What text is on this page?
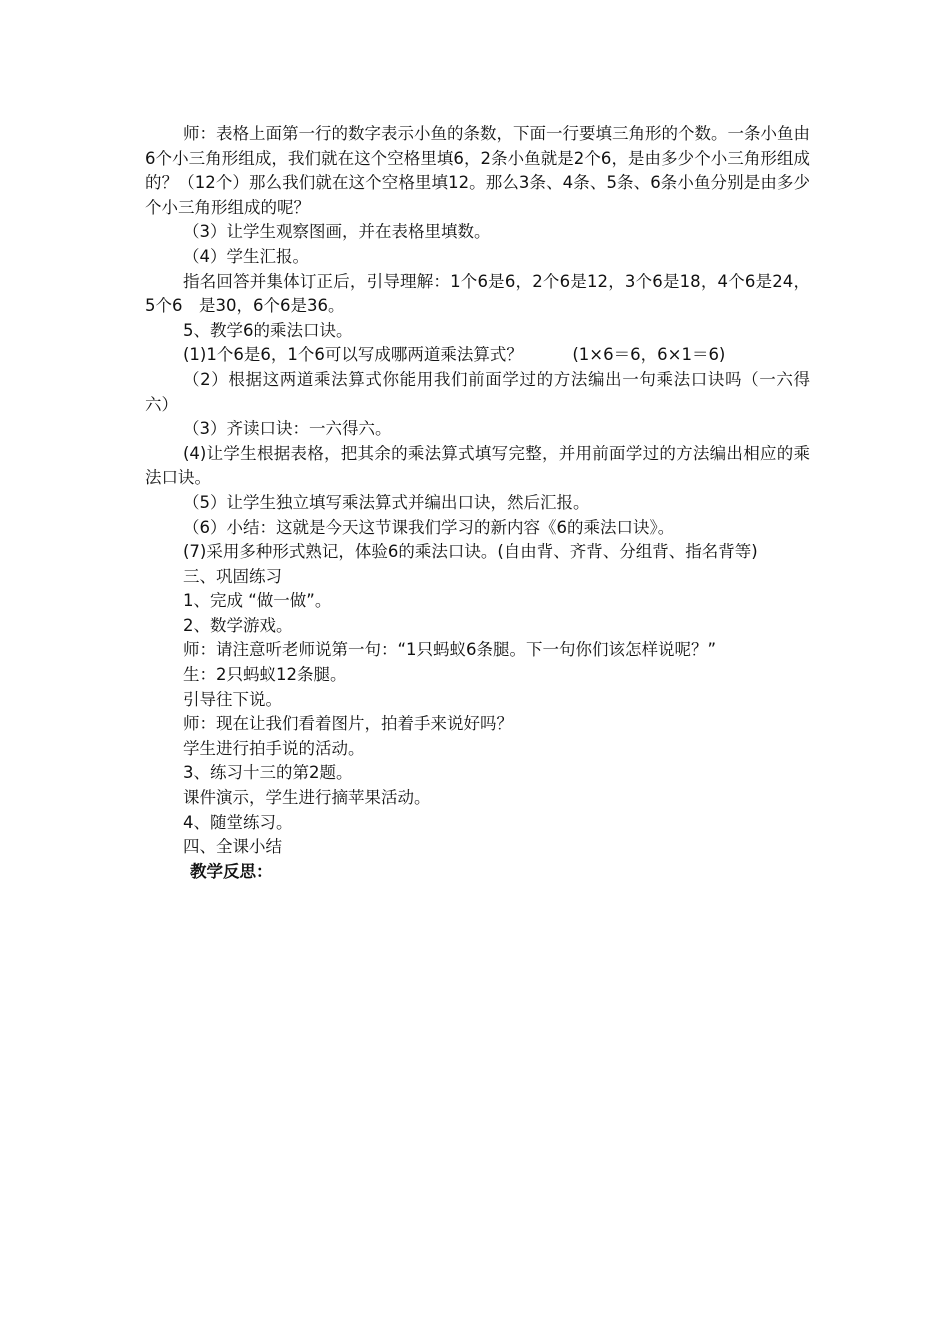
师：表格上面第一行的数字表示小鱼的条数，下面一行要填三角形的个数。一条小鱼由6个小三角形组成，我们就在这个空格里填6，2条小鱼就是2个6，是由多少个小三角形组成的？（12个）那么我们就在这个空格里填12。那么3条、4条、5条、6条小鱼分别是由多少个小三角形组成的呢？

（3）让学生观察图画，并在表格里填数。

（4）学生汇报。

指名回答并集体订正后，引导理解：1个6是6，2个6是12，3个6是18，4个6是24，5个6　是30，6个6是36。

5、教学6的乘法口诀。

(1)1个6是6，1个6可以写成哪两道乘法算式？　　　(1×6＝6，6×1＝6)

（2）根据这两道乘法算式你能用我们前面学过的方法编出一句乘法口诀吗（一六得六）

（3）齐读口诀：一六得六。

(4)让学生根据表格，把其余的乘法算式填写完整，并用前面学过的方法编出相应的乘法口诀。

（5）让学生独立填写乘法算式并编出口诀，然后汇报。

（6）小结：这就是今天这节课我们学习的新内容《6的乘法口诀》。

(7)采用多种形式熟记，体验6的乘法口诀。(自由背、齐背、分组背、指名背等)

三、巩固练习

1、完成 “做一做”。

2、数学游戏。

师：请注意听老师说第一句：“1只蚂蚁6条腿。下一句你们该怎样说呢？”

生：2只蚂蚁12条腿。

引导往下说。

师：现在让我们看着图片，拍着手来说好吗？

学生进行拍手说的活动。

3、练习十三的第2题。

课件演示，学生进行摘苹果活动。

4、随堂练习。

四、全课小结

教学反思：
